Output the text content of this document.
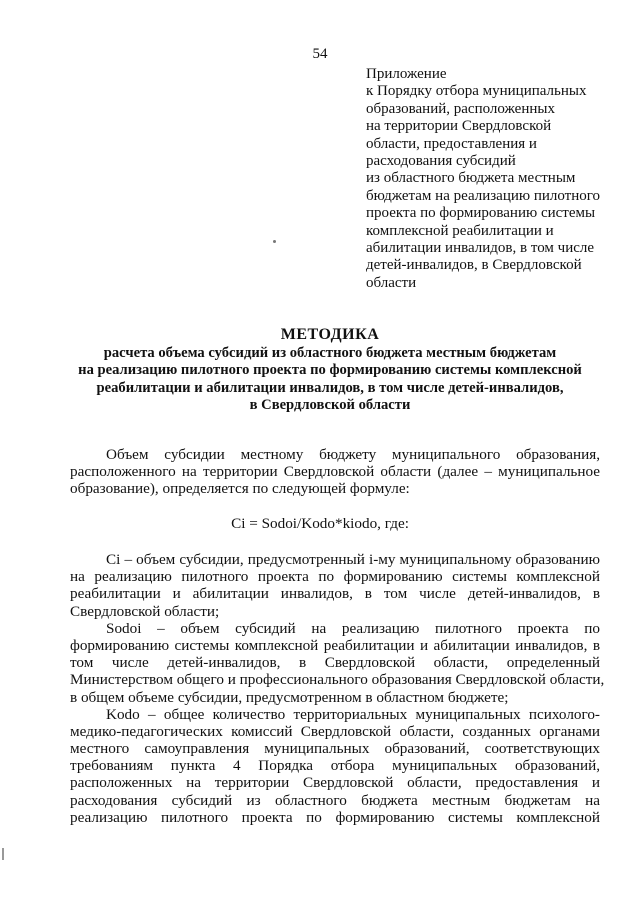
54
Приложение
к Порядку отбора муниципальных
образований, расположенных
на территории Свердловской
области, предоставления и
расходования субсидий
из областного бюджета местным
бюджетам на реализацию пилотного
проекта по формированию системы
комплексной реабилитации и
абилитации инвалидов, в том числе
детей-инвалидов, в Свердловской
области
МЕТОДИКА
расчета объема субсидий из областного бюджета местным бюджетам
на реализацию пилотного проекта по формированию системы комплексной
реабилитации и абилитации инвалидов, в том числе детей-инвалидов,
в Свердловской области
Объем субсидии местному бюджету муниципального образования,
расположенного на территории Свердловской области (далее – муниципальное
образование), определяется по следующей формуле:
Ci = Sodoi/Kodo*kiodo, где:
Ci – объем субсидии, предусмотренный i-му муниципальному образованию
на реализацию пилотного проекта по формированию системы комплексной
реабилитации и абилитации инвалидов, в том числе детей-инвалидов, в
Свердловской области;
Sodoi – объем субсидий на реализацию пилотного проекта по
формированию системы комплексной реабилитации и абилитации инвалидов, в
том числе детей-инвалидов, в Свердловской области, определенный
Министерством общего и профессионального образования Свердловской области,
в общем объеме субсидии, предусмотренном в областном бюджете;
Kodo – общее количество территориальных муниципальных психолого-
медико-педагогических комиссий Свердловской области, созданных органами
местного самоуправления муниципальных образований, соответствующих
требованиям пункта 4 Порядка отбора муниципальных образований,
расположенных на территории Свердловской области, предоставления и
расходования субсидий из областного бюджета местным бюджетам на
реализацию пилотного проекта по формированию системы комплексной
